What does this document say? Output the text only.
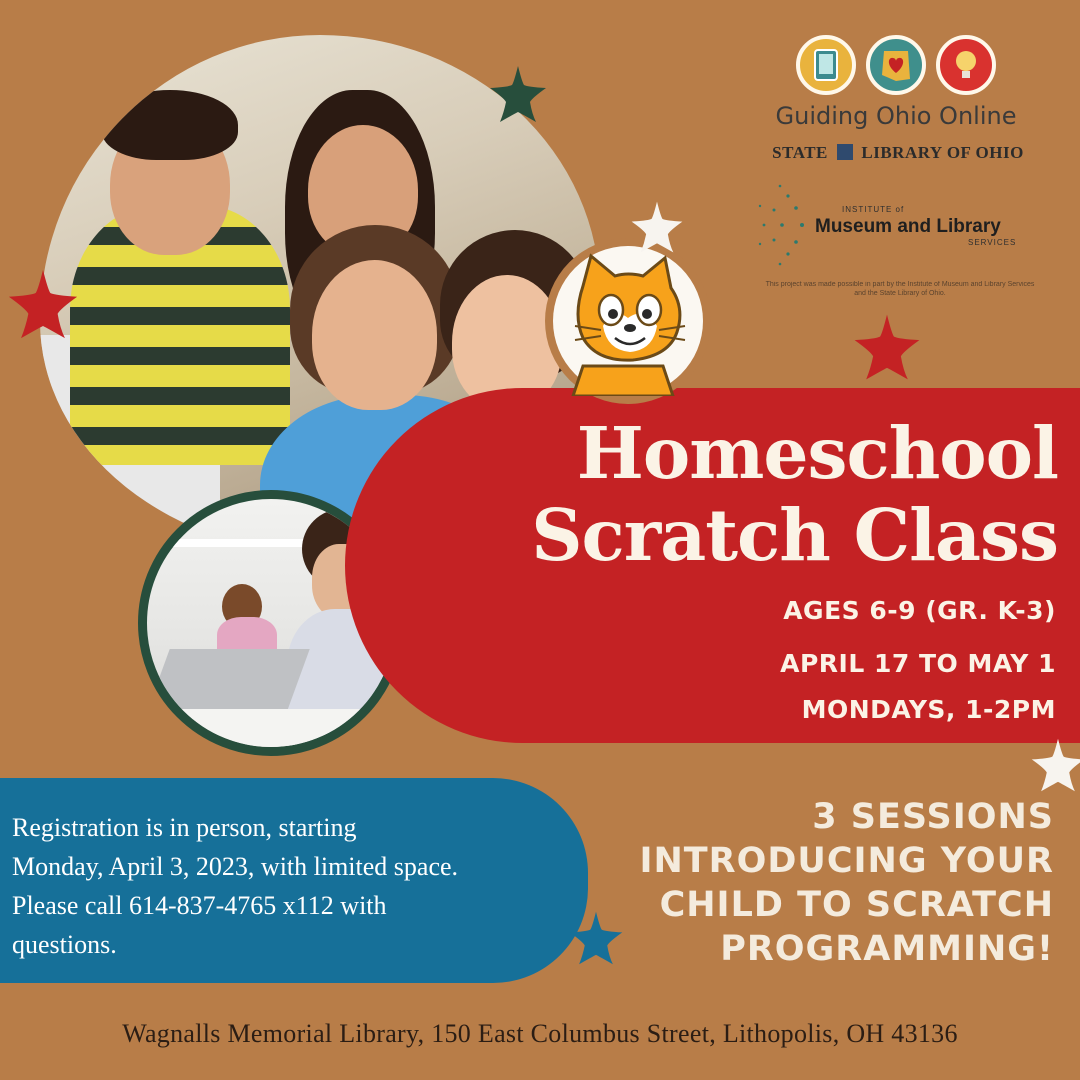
Homeschool
Scratch Class
AGES 6-9 (GR. K-3)
APRIL 17 TO MAY 1
MONDAYS, 1-2PM
Guiding Ohio Online
STATE LIBRARY OF OHIO
INSTITUTE of
Museum and Library
SERVICES
This project was made possible in part by the Institute of Museum and Library Services and the State Library of Ohio.
Registration is in person, starting
Monday, April 3, 2023, with limited space.
Please call 614-837-4765 x112 with
questions.
3 SESSIONS
INTRODUCING YOUR
CHILD TO SCRATCH
PROGRAMMING!
Wagnalls Memorial Library, 150 East Columbus Street, Lithopolis, OH 43136
